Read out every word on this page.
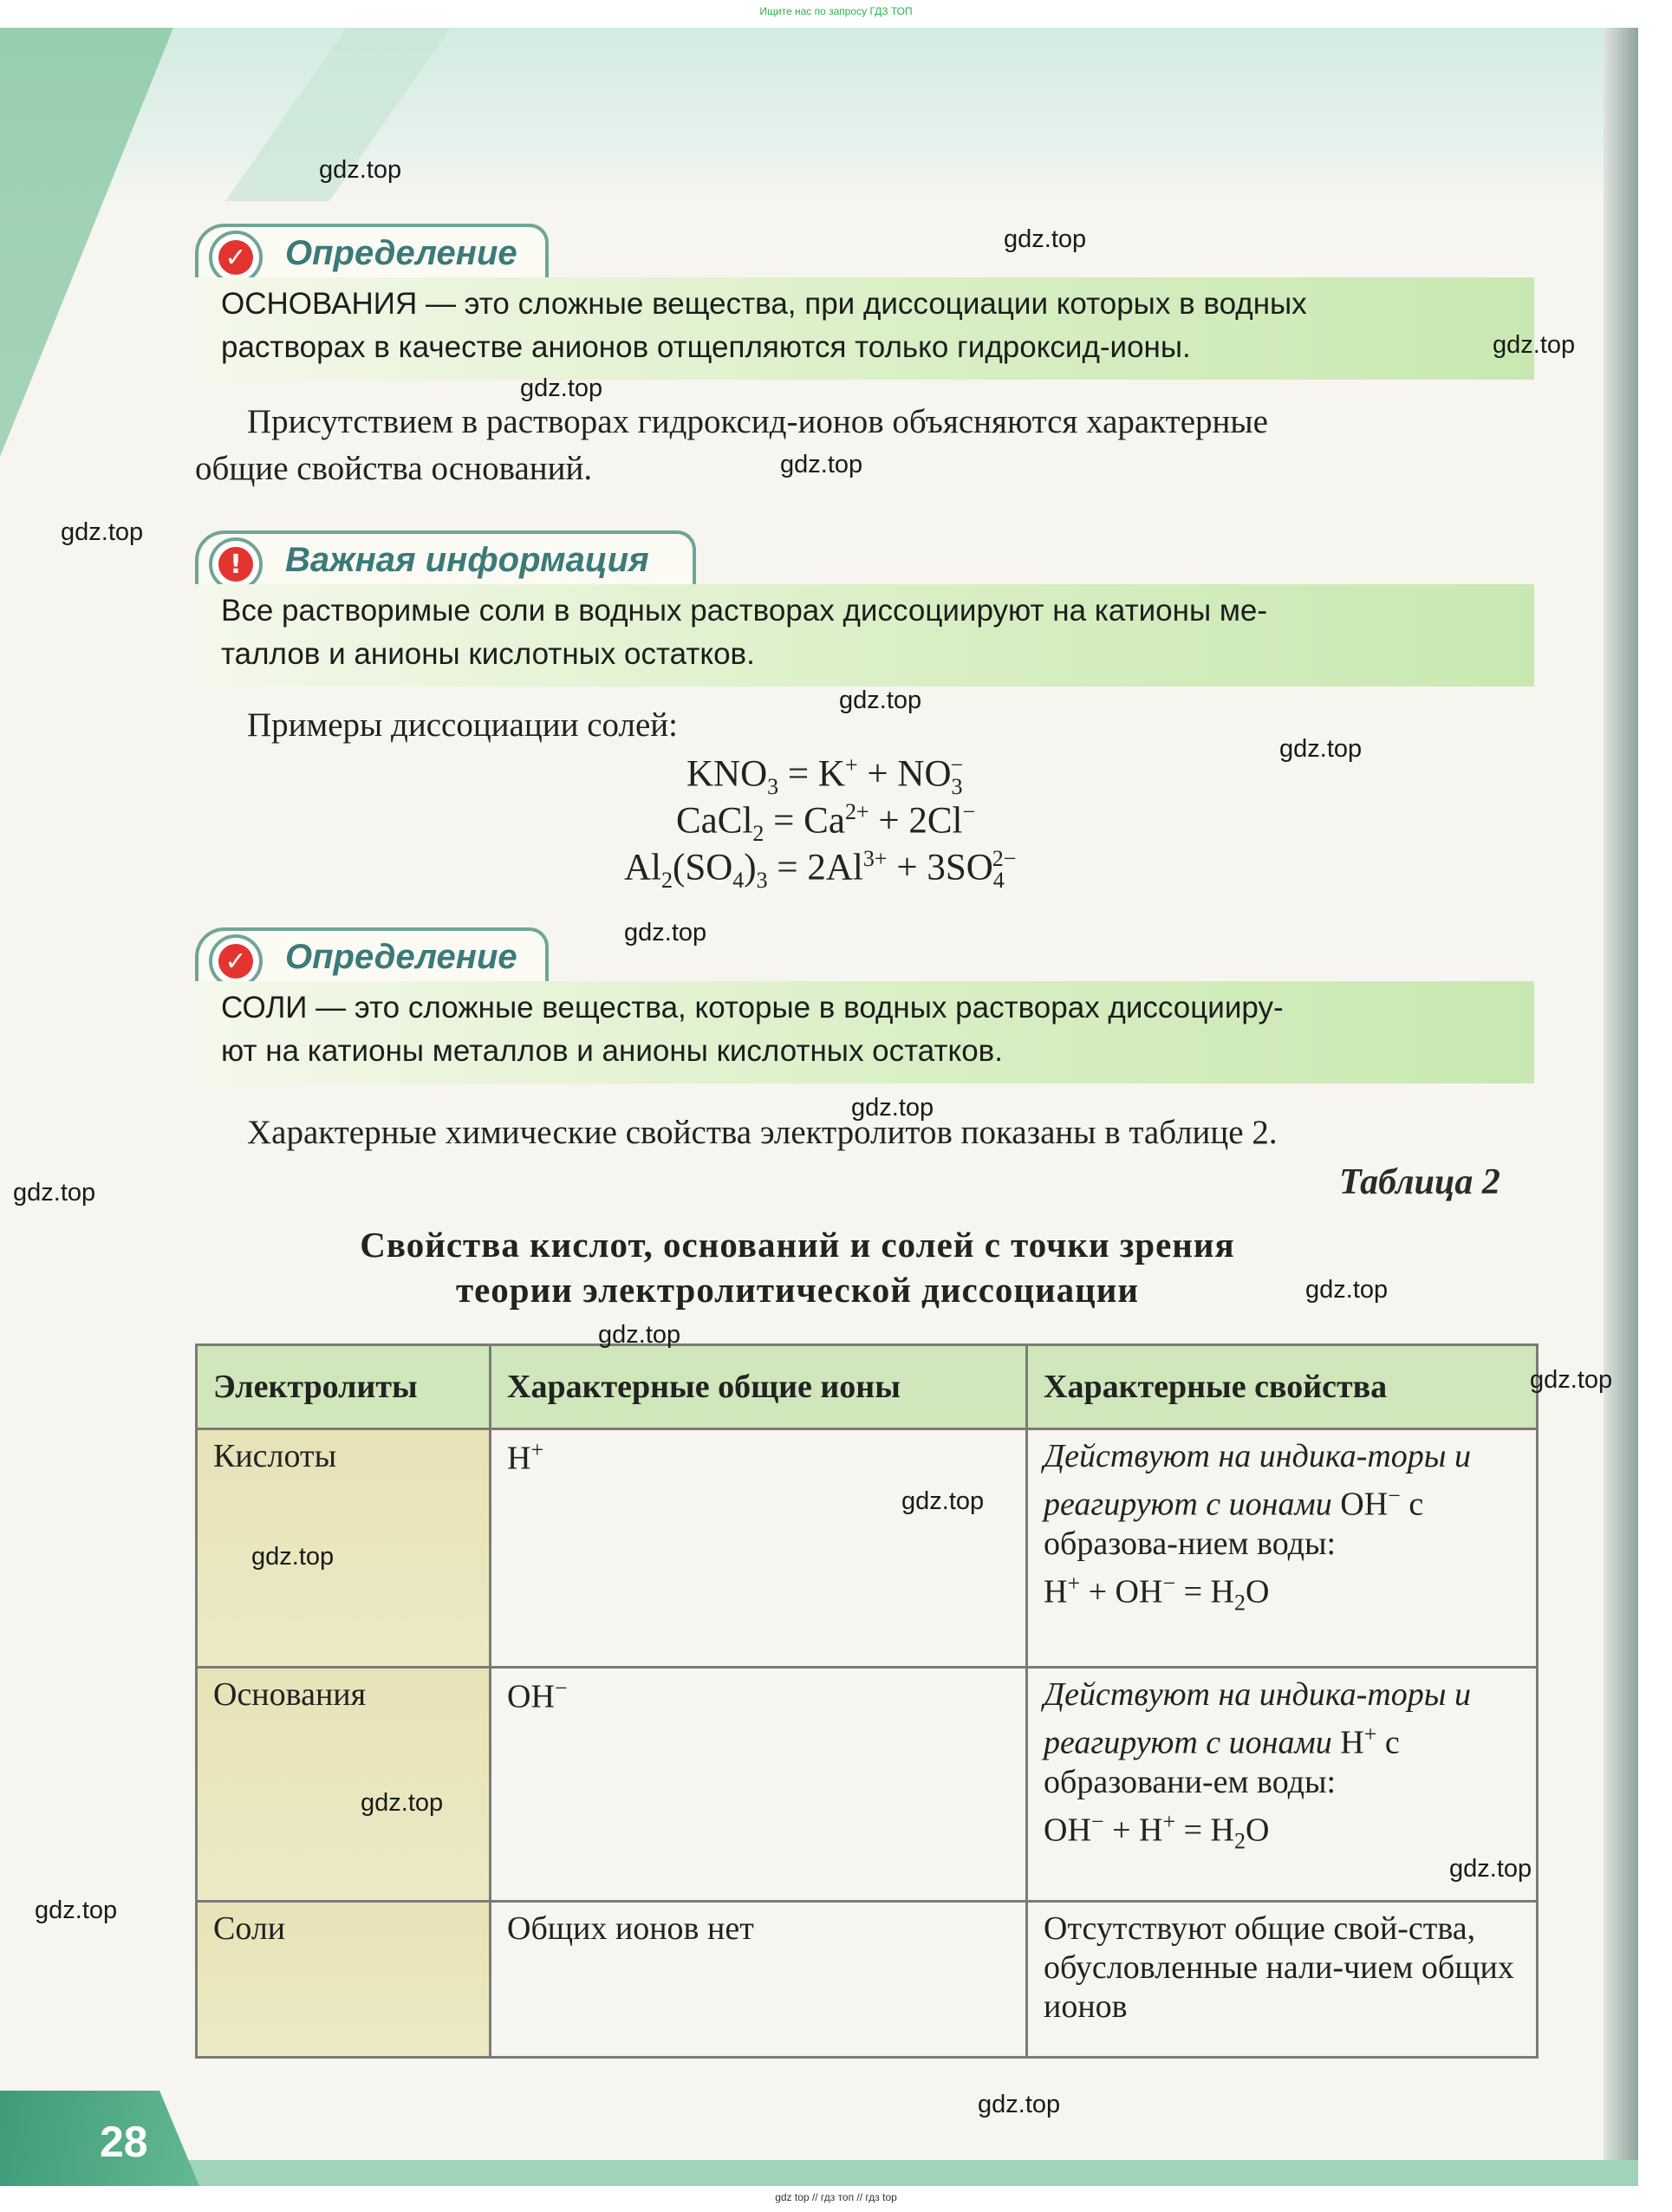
Ищите нас по запросу ГДЗ ТОП
28
✓ Определение
ОСНОВАНИЯ — это сложные вещества, при диссоциации которых в водных
растворах в качестве анионов отщепляются только гидроксид-ионы.
Присутствием в растворах гидроксид-ионов объясняются характерные
общие свойства оснований.
!	Важная информация
Все растворимые соли в водных растворах диссоциируют на катионы ме-
таллов и анионы кислотных остатков.
Примеры диссоциации солей:
$KNO_3 = K^+ + NO_3^-$
CaCl$_2$ = $Ca^{2+} + 2Cl^-$
$Al_2(SO_4)_3 = 2Al^{3+} + 3SO_4^{2-}$
✓ Определение
СОЛИ — это сложные вещества, которые в водных растворах диссоцииру-
ют на катионы металлов и анионы кислотных остатков.
Характерные химические свойства электролитов показаны в таблице 2.
Таблица 2
Свойства кислот, оснований и солей с точки зрения
теории электролитической диссоциации
Электролиты	Характерные общие ионы	Характерные свойства
Кислоты	H+	Действуют на индика-торы и реагируют с ионами OH− с образова-нием воды:
$H^+ + OH^- = H_2O$
Основания	OH−	Действуют на индика-торы и реагируют с ионами H+ с образовани-ем воды:
$OH^- + H^+ = H_2O$
Соли	Общих ионов нет	Отсутствуют общие свой-ства, обусловленные нали-чием общих ионов
gdz.top
gdz.top
gdz.top
gdz.top
gdz.top
gdz.top
gdz.top
gdz.top
gdz.top
gdz.top
gdz.top
gdz.top
gdz.top
gdz.top
gdz.top
gdz.top
gdz.top
gdz.top
gdz.top
gdz.top
gdz top // гдз топ // гдз top
